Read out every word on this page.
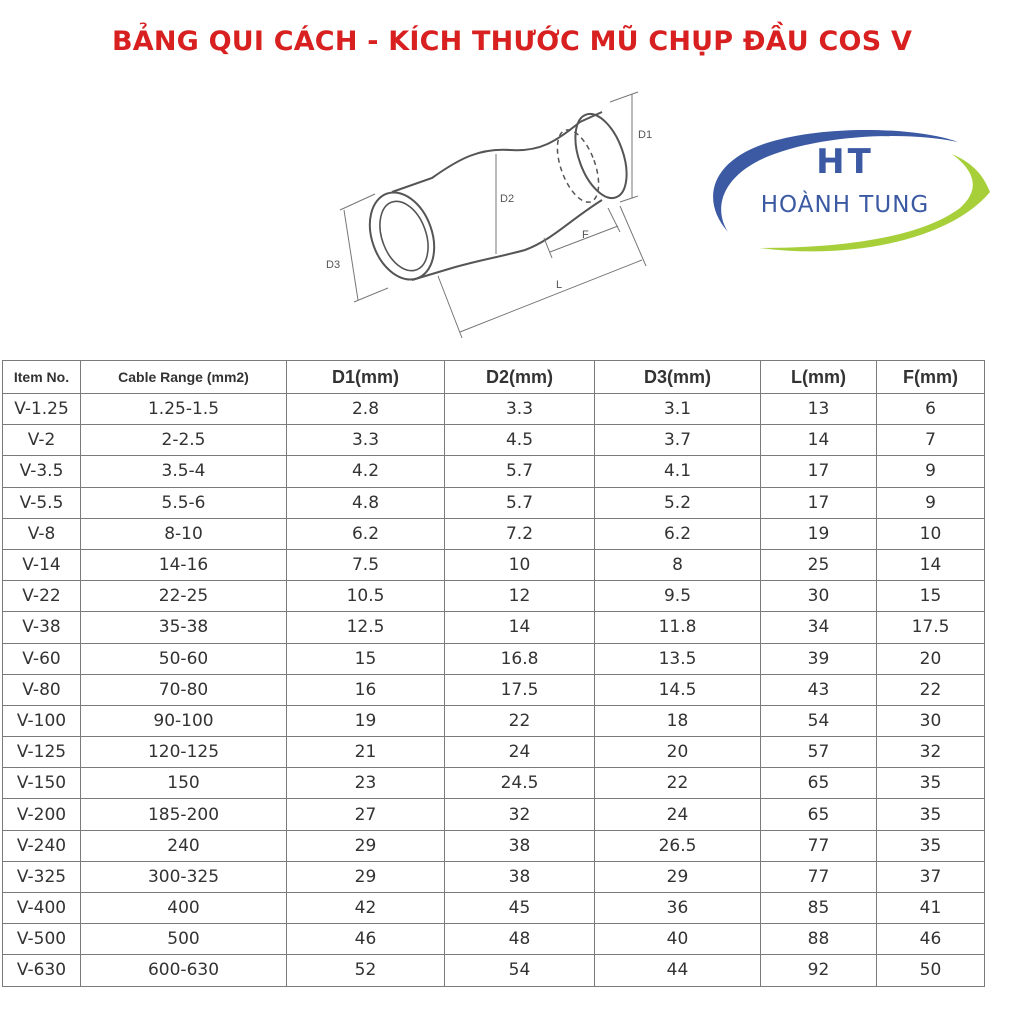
BẢNG QUI CÁCH - KÍCH THƯỚC MŨ CHỤP ĐẦU COS V
D1
D2
D3
F
L
HT
HOÀNH TUNG
Item No.	Cable Range (mm2)	D1(mm)	D2(mm)	D3(mm)	L(mm)	F(mm)
V-1.25	1.25-1.5	2.8	3.3	3.1	13	6
V-2	2-2.5	3.3	4.5	3.7	14	7
V-3.5	3.5-4	4.2	5.7	4.1	17	9
V-5.5	5.5-6	4.8	5.7	5.2	17	9
V-8	8-10	6.2	7.2	6.2	19	10
V-14	14-16	7.5	10	8	25	14
V-22	22-25	10.5	12	9.5	30	15
V-38	35-38	12.5	14	11.8	34	17.5
V-60	50-60	15	16.8	13.5	39	20
V-80	70-80	16	17.5	14.5	43	22
V-100	90-100	19	22	18	54	30
V-125	120-125	21	24	20	57	32
V-150	150	23	24.5	22	65	35
V-200	185-200	27	32	24	65	35
V-240	240	29	38	26.5	77	35
V-325	300-325	29	38	29	77	37
V-400	400	42	45	36	85	41
V-500	500	46	48	40	88	46
V-630	600-630	52	54	44	92	50
